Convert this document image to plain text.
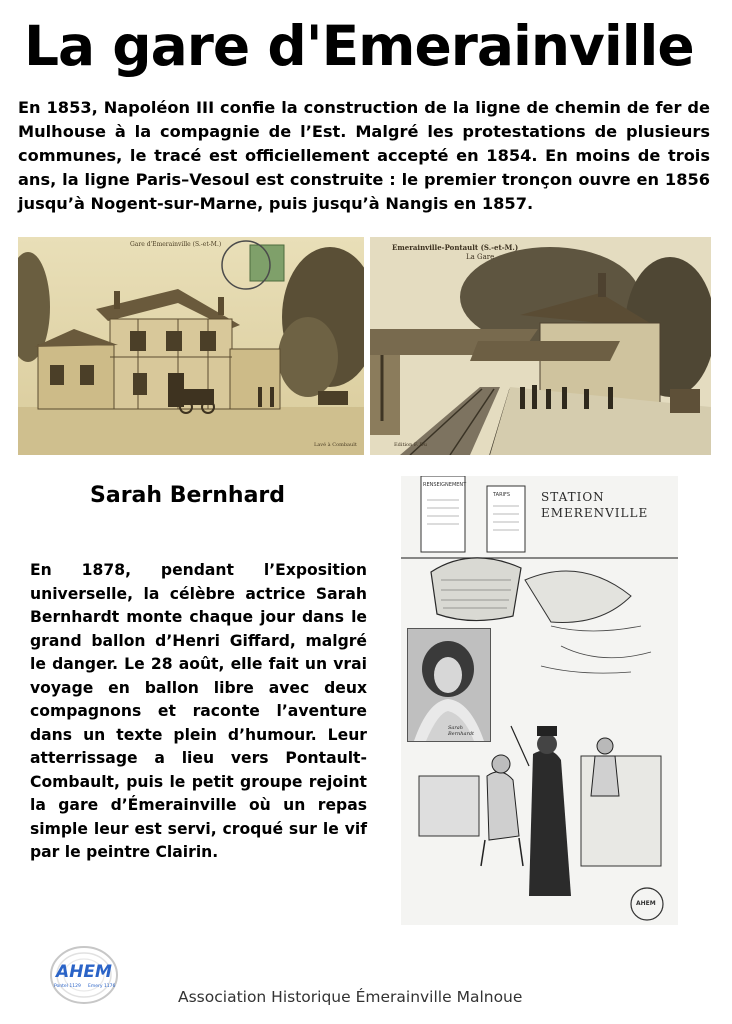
La gare d'Emerainville

En 1853, Napoléon III confie la construction de la ligne de chemin de fer de Mulhouse à la compagnie de l’Est. Malgré les protestations de plusieurs communes, le tracé est officiellement accepté en 1854. En moins de trois ans, la ligne Paris–Vesoul est construite : le premier tronçon ouvre en 1856 jusqu’à Nogent-sur-Marne, puis jusqu’à Nangis en 1857.

Gare d'Emerainville (S.-et-M.)
Lavé à Combault
Emerainville-Pontault (S.-et-M.)
La Gare
Edition F. Du
Sarah Bernhard

En 1878, pendant l’Exposition universelle, la célèbre actrice Sarah Bernhardt monte chaque jour dans le grand ballon d’Henri Giffard, malgré le danger. Le 28 août, elle fait un vrai voyage en ballon libre avec deux compagnons et raconte l’aventure dans un texte plein d’humour. Leur atterrissage a lieu vers Pontault-Combault, puis le petit groupe rejoint la gare d’Émerainville où un repas simple leur est servi, croqué sur le vif par le peintre Clairin.

STATION
EMERENVILLE
RENSEIGNEMENT
TARIFS
Sarah Bernhardt
AHEM
AHEM
Pontel 1129 Emery 1176

Association Historique Émerainville Malnoue
